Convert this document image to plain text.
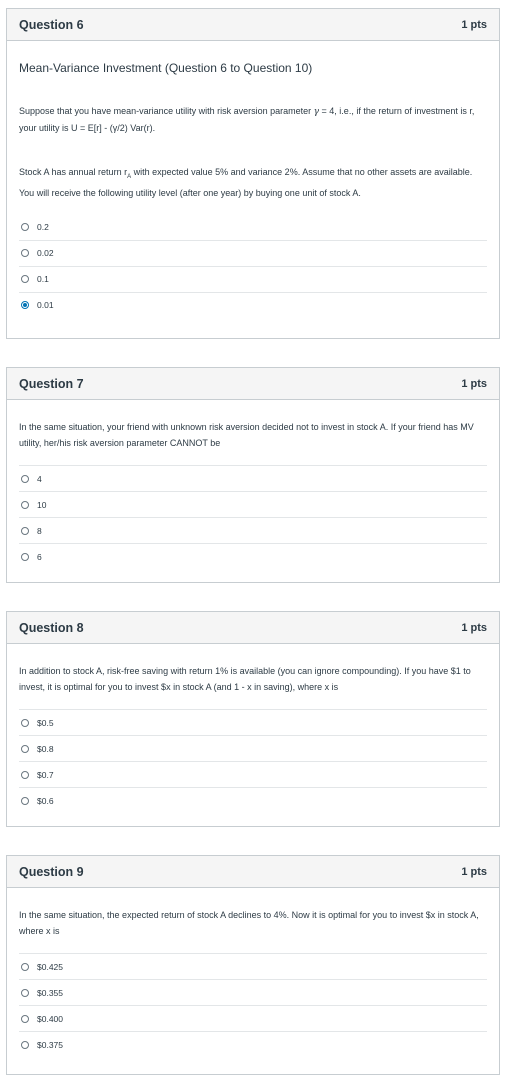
Question 6	1 pts

Mean-Variance Investment (Question 6 to Question 10)

Suppose that you have mean-variance utility with risk aversion parameter γ = 4, i.e., if the return of investment is r, your utility is U = E[r] - (γ/2) Var(r).

Stock A has annual return $r_A$ with expected value 5% and variance 2%. Assume that no other assets are available. You will receive the following utility level (after one year) by buying one unit of stock A.

0.2
0.02
0.1
0.01
Question 7	1 pts

In the same situation, your friend with unknown risk aversion decided not to invest in stock A. If your friend has MV utility, her/his risk aversion parameter CANNOT be

4
10
8
6
Question 8	1 pts

In addition to stock A, risk-free saving with return 1% is available (you can ignore compounding). If you have $1 to invest, it is optimal for you to invest $x in stock A (and 1 - x in saving), where x is

$0.5
$0.8
$0.7
$0.6
Question 9	1 pts

In the same situation, the expected return of stock A declines to 4%. Now it is optimal for you to invest $x in stock A, where x is

$0.425
$0.355
$0.400
$0.375
